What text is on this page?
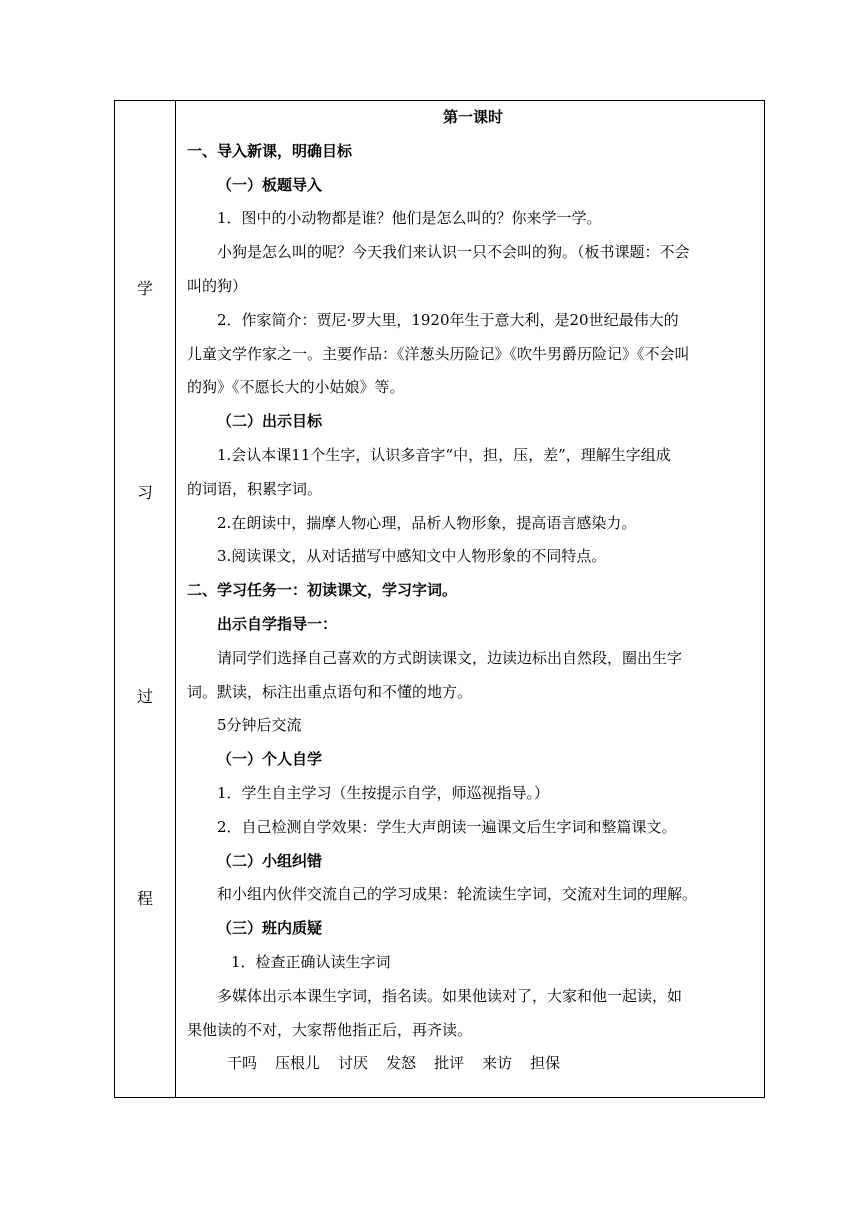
学
习
过
程
第一课时
一、导入新课，明确目标
（一）板题导入
1．图中的小动物都是谁？他们是怎么叫的？你来学一学。
小狗是怎么叫的呢？今天我们来认识一只不会叫的狗。（板书课题：不会
叫的狗）
2．作家简介：贾尼·罗大里，1920年生于意大利，是20世纪最伟大的
儿童文学作家之一。主要作品：《洋葱头历险记》《吹牛男爵历险记》《不会叫
的狗》《不愿长大的小姑娘》等。
（二）出示目标
1.会认本课11个生字，认识多音字“中，担，压，差”，理解生字组成
的词语，积累字词。
2.在朗读中，揣摩人物心理，品析人物形象，提高语言感染力。
3.阅读课文，从对话描写中感知文中人物形象的不同特点。
二、学习任务一：初读课文，学习字词。
出示自学指导一：
请同学们选择自己喜欢的方式朗读课文，边读边标出自然段，圈出生字
词。默读，标注出重点语句和不懂的地方。
5分钟后交流
（一）个人自学
1．学生自主学习（生按提示自学，师巡视指导。）
2．自己检测自学效果：学生大声朗读一遍课文后生字词和整篇课文。
（二）小组纠错
和小组内伙伴交流自己的学习成果：轮流读生字词，交流对生词的理解。
（三）班内质疑
1．检查正确认读生字词
多媒体出示本课生字词，指名读。如果他读对了，大家和他一起读，如
果他读的不对，大家帮他指正后，再齐读。
干吗 压根儿 讨厌 发怒 批评 来访 担保
